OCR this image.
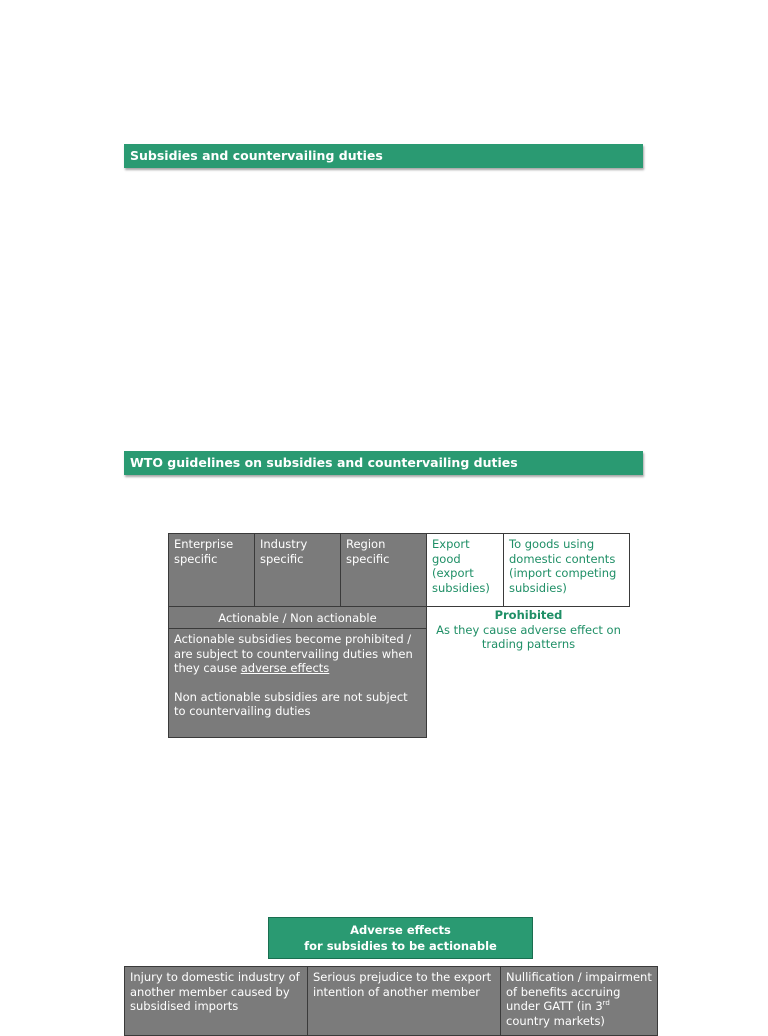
Subsidies and countervailing duties
WTO guidelines on subsidies and countervailing duties
Enterprise specific
Industry specific
Region specific
Export good (export subsidies)
To goods using domestic contents (import competing subsidies)
Actionable / Non actionable

Actionable subsidies become prohibited / are subject to countervailing duties when they cause adverse effects

Non actionable subsidies are not subject to countervailing duties

Prohibited
As they cause adverse effect on trading patterns
Adverse effects
for subsidies to be actionable
Injury to domestic industry of another member caused by subsidised imports
Serious prejudice to the export intention of another member
Nullification / impairment of benefits accruing under GATT (in 3rd country markets)
